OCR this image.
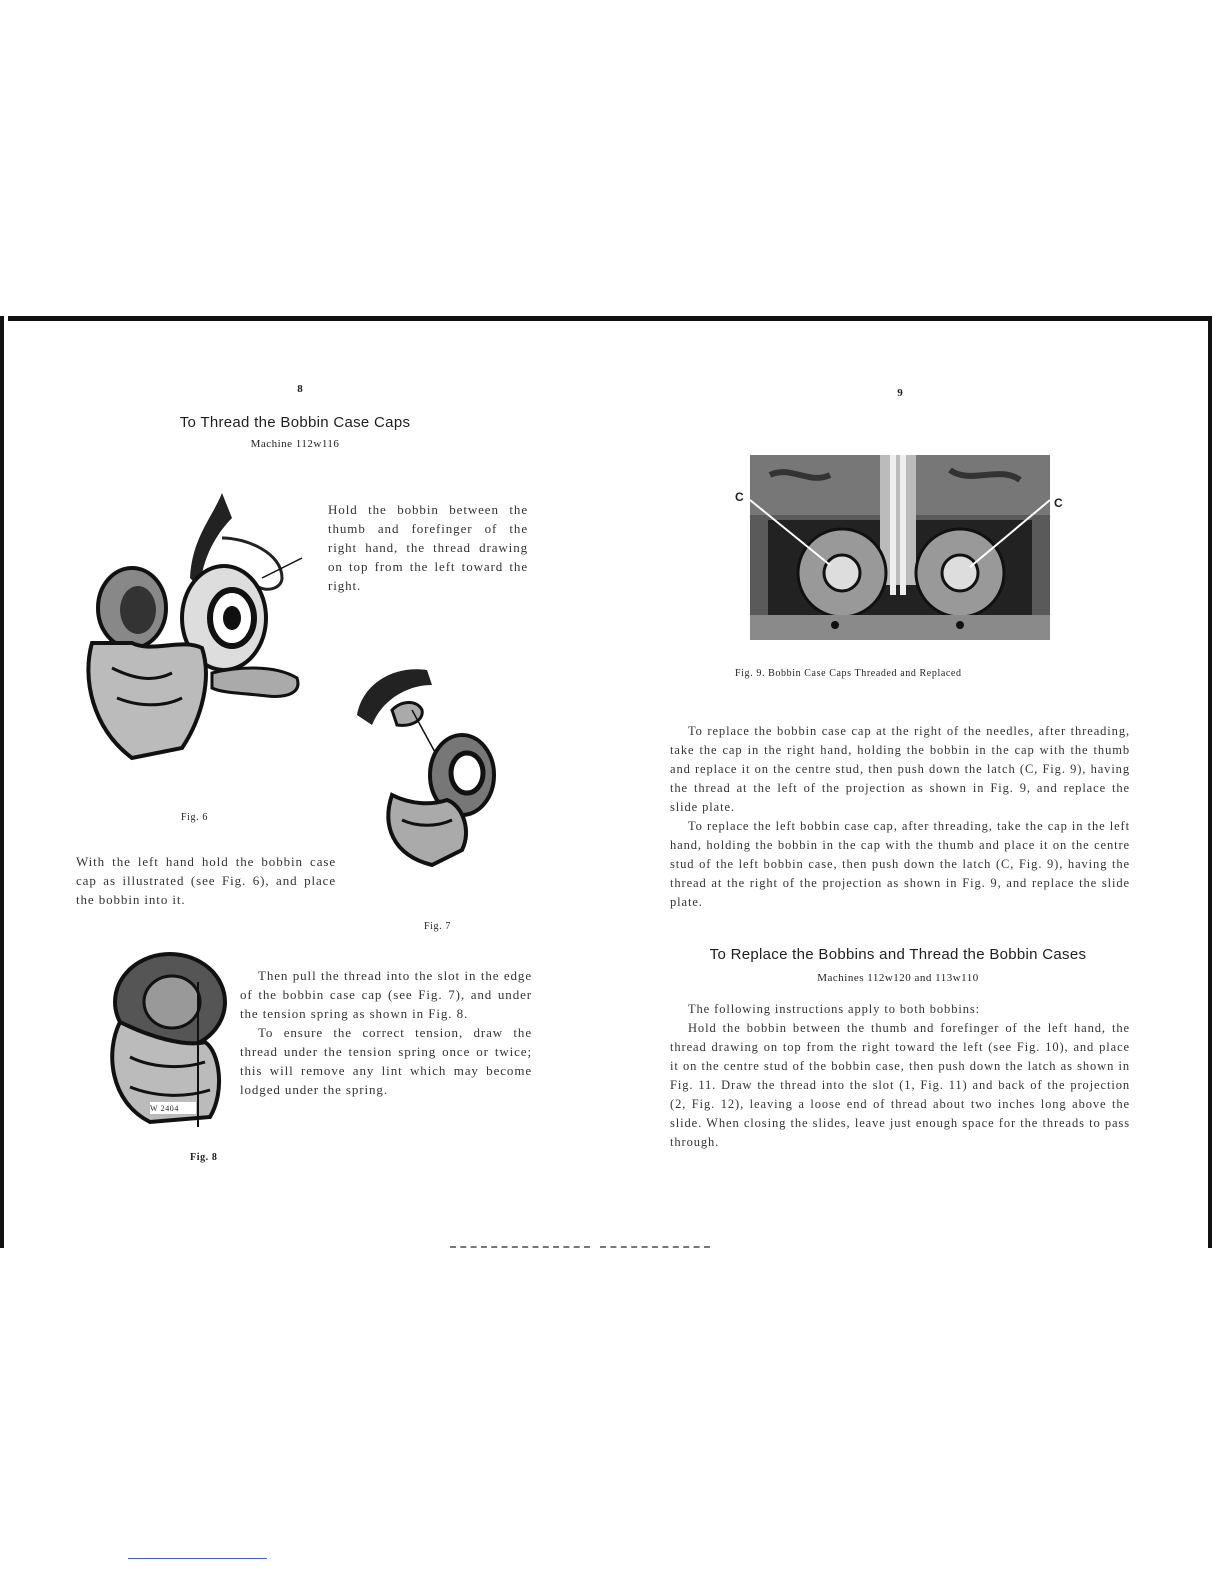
8
To Thread the Bobbin Case Caps
Machine 112w116
Hold the bobbin between the thumb and forefinger of the right hand, the thread drawing on top from the left toward the right.
Fig. 6
With the left hand hold the bobbin case cap as illustrated (see Fig. 6), and place the bobbin into it.
Fig. 7
W 2404

Then pull the thread into the slot in the edge of the bobbin case cap (see Fig. 7), and under the tension spring as shown in Fig. 8.

To ensure the correct tension, draw the thread under the tension spring once or twice; this will remove any lint which may become lodged under the spring.

Fig. 8
9
C	C
Fig. 9. Bobbin Case Caps Threaded and Replaced

To replace the bobbin case cap at the right of the needles, after threading, take the cap in the right hand, holding the bobbin in the cap with the thumb and replace it on the centre stud, then push down the latch (C, Fig. 9), having the thread at the left of the projection as shown in Fig. 9, and replace the slide plate.

To replace the left bobbin case cap, after threading, take the cap in the left hand, holding the bobbin in the cap with the thumb and place it on the centre stud of the left bobbin case, then push down the latch (C, Fig. 9), having the thread at the right of the projection as shown in Fig. 9, and replace the slide plate.

To Replace the Bobbins and Thread the Bobbin Cases
Machines 112w120 and 113w110

The following instructions apply to both bobbins:

Hold the bobbin between the thumb and forefinger of the left hand, the thread drawing on top from the right toward the left (see Fig. 10), and place it on the centre stud of the bobbin case, then push down the latch as shown in Fig. 11. Draw the thread into the slot (1, Fig. 11) and back of the projection (2, Fig. 12), leaving a loose end of thread about two inches long above the slide. When closing the slides, leave just enough space for the threads to pass through.
